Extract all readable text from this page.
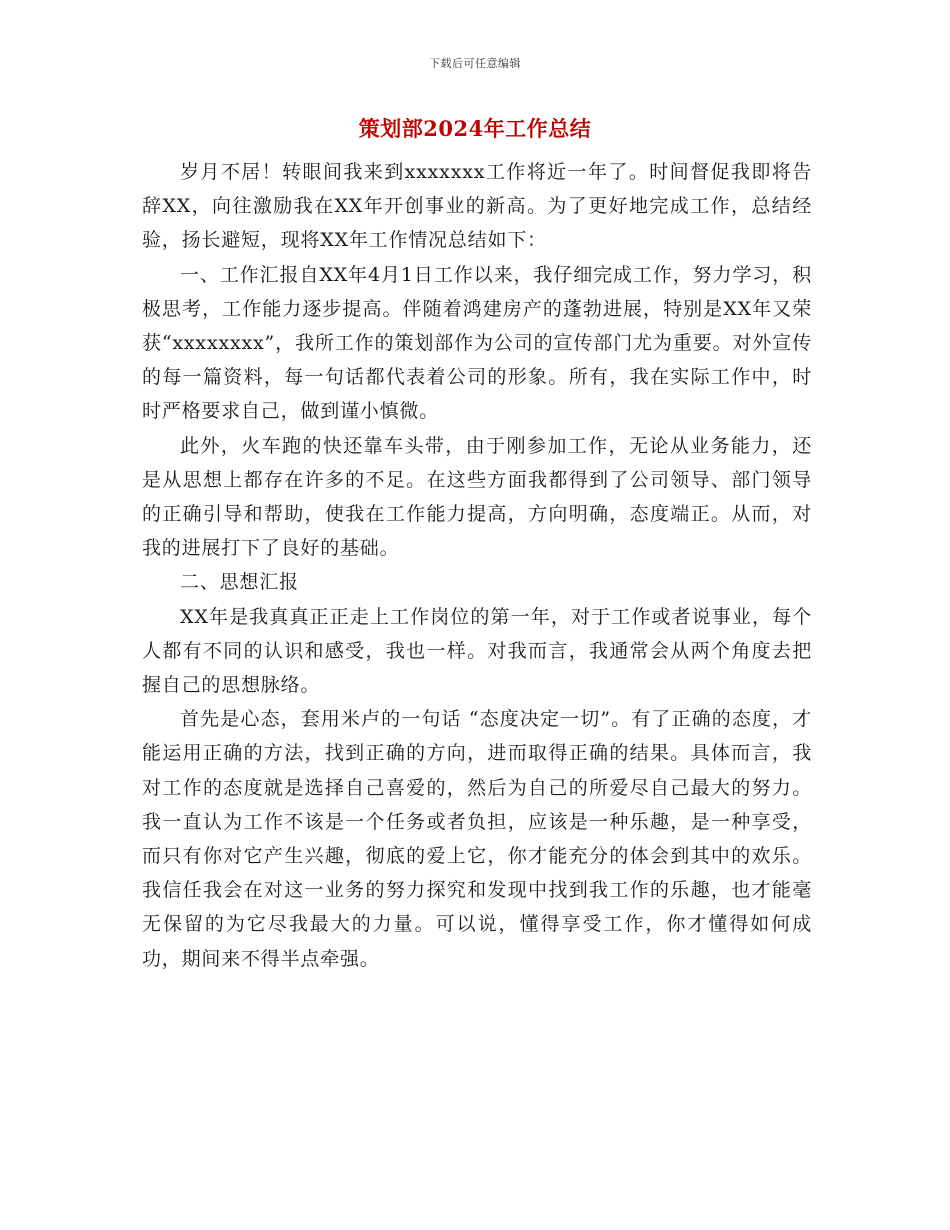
下载后可任意编辑
策划部2024年工作总结

岁月不居！转眼间我来到xxxxxxx工作将近一年了。时间督促我即将告辞XX，向往激励我在XX年开创事业的新高。为了更好地完成工作，总结经验，扬长避短，现将XX年工作情况总结如下：

一、工作汇报自XX年4月1日工作以来，我仔细完成工作，努力学习，积极思考，工作能力逐步提高。伴随着鸿建房产的蓬勃进展，特别是XX年又荣获“xxxxxxxx”，我所工作的策划部作为公司的宣传部门尤为重要。对外宣传的每一篇资料，每一句话都代表着公司的形象。所有，我在实际工作中，时时严格要求自己，做到谨小慎微。

此外，火车跑的快还靠车头带，由于刚参加工作，无论从业务能力，还是从思想上都存在许多的不足。在这些方面我都得到了公司领导、部门领导的正确引导和帮助，使我在工作能力提高，方向明确，态度端正。从而，对我的进展打下了良好的基础。

二、思想汇报

XX年是我真真正正走上工作岗位的第一年，对于工作或者说事业，每个人都有不同的认识和感受，我也一样。对我而言，我通常会从两个角度去把握自己的思想脉络。

首先是心态，套用米卢的一句话 “态度决定一切”。有了正确的态度，才能运用正确的方法，找到正确的方向，进而取得正确的结果。具体而言，我对工作的态度就是选择自己喜爱的，然后为自己的所爱尽自己最大的努力。我一直认为工作不该是一个任务或者负担，应该是一种乐趣，是一种享受，而只有你对它产生兴趣，彻底的爱上它，你才能充分的体会到其中的欢乐。我信任我会在对这一业务的努力探究和发现中找到我工作的乐趣，也才能毫无保留的为它尽我最大的力量。可以说，懂得享受工作，你才懂得如何成功，期间来不得半点牵强。
